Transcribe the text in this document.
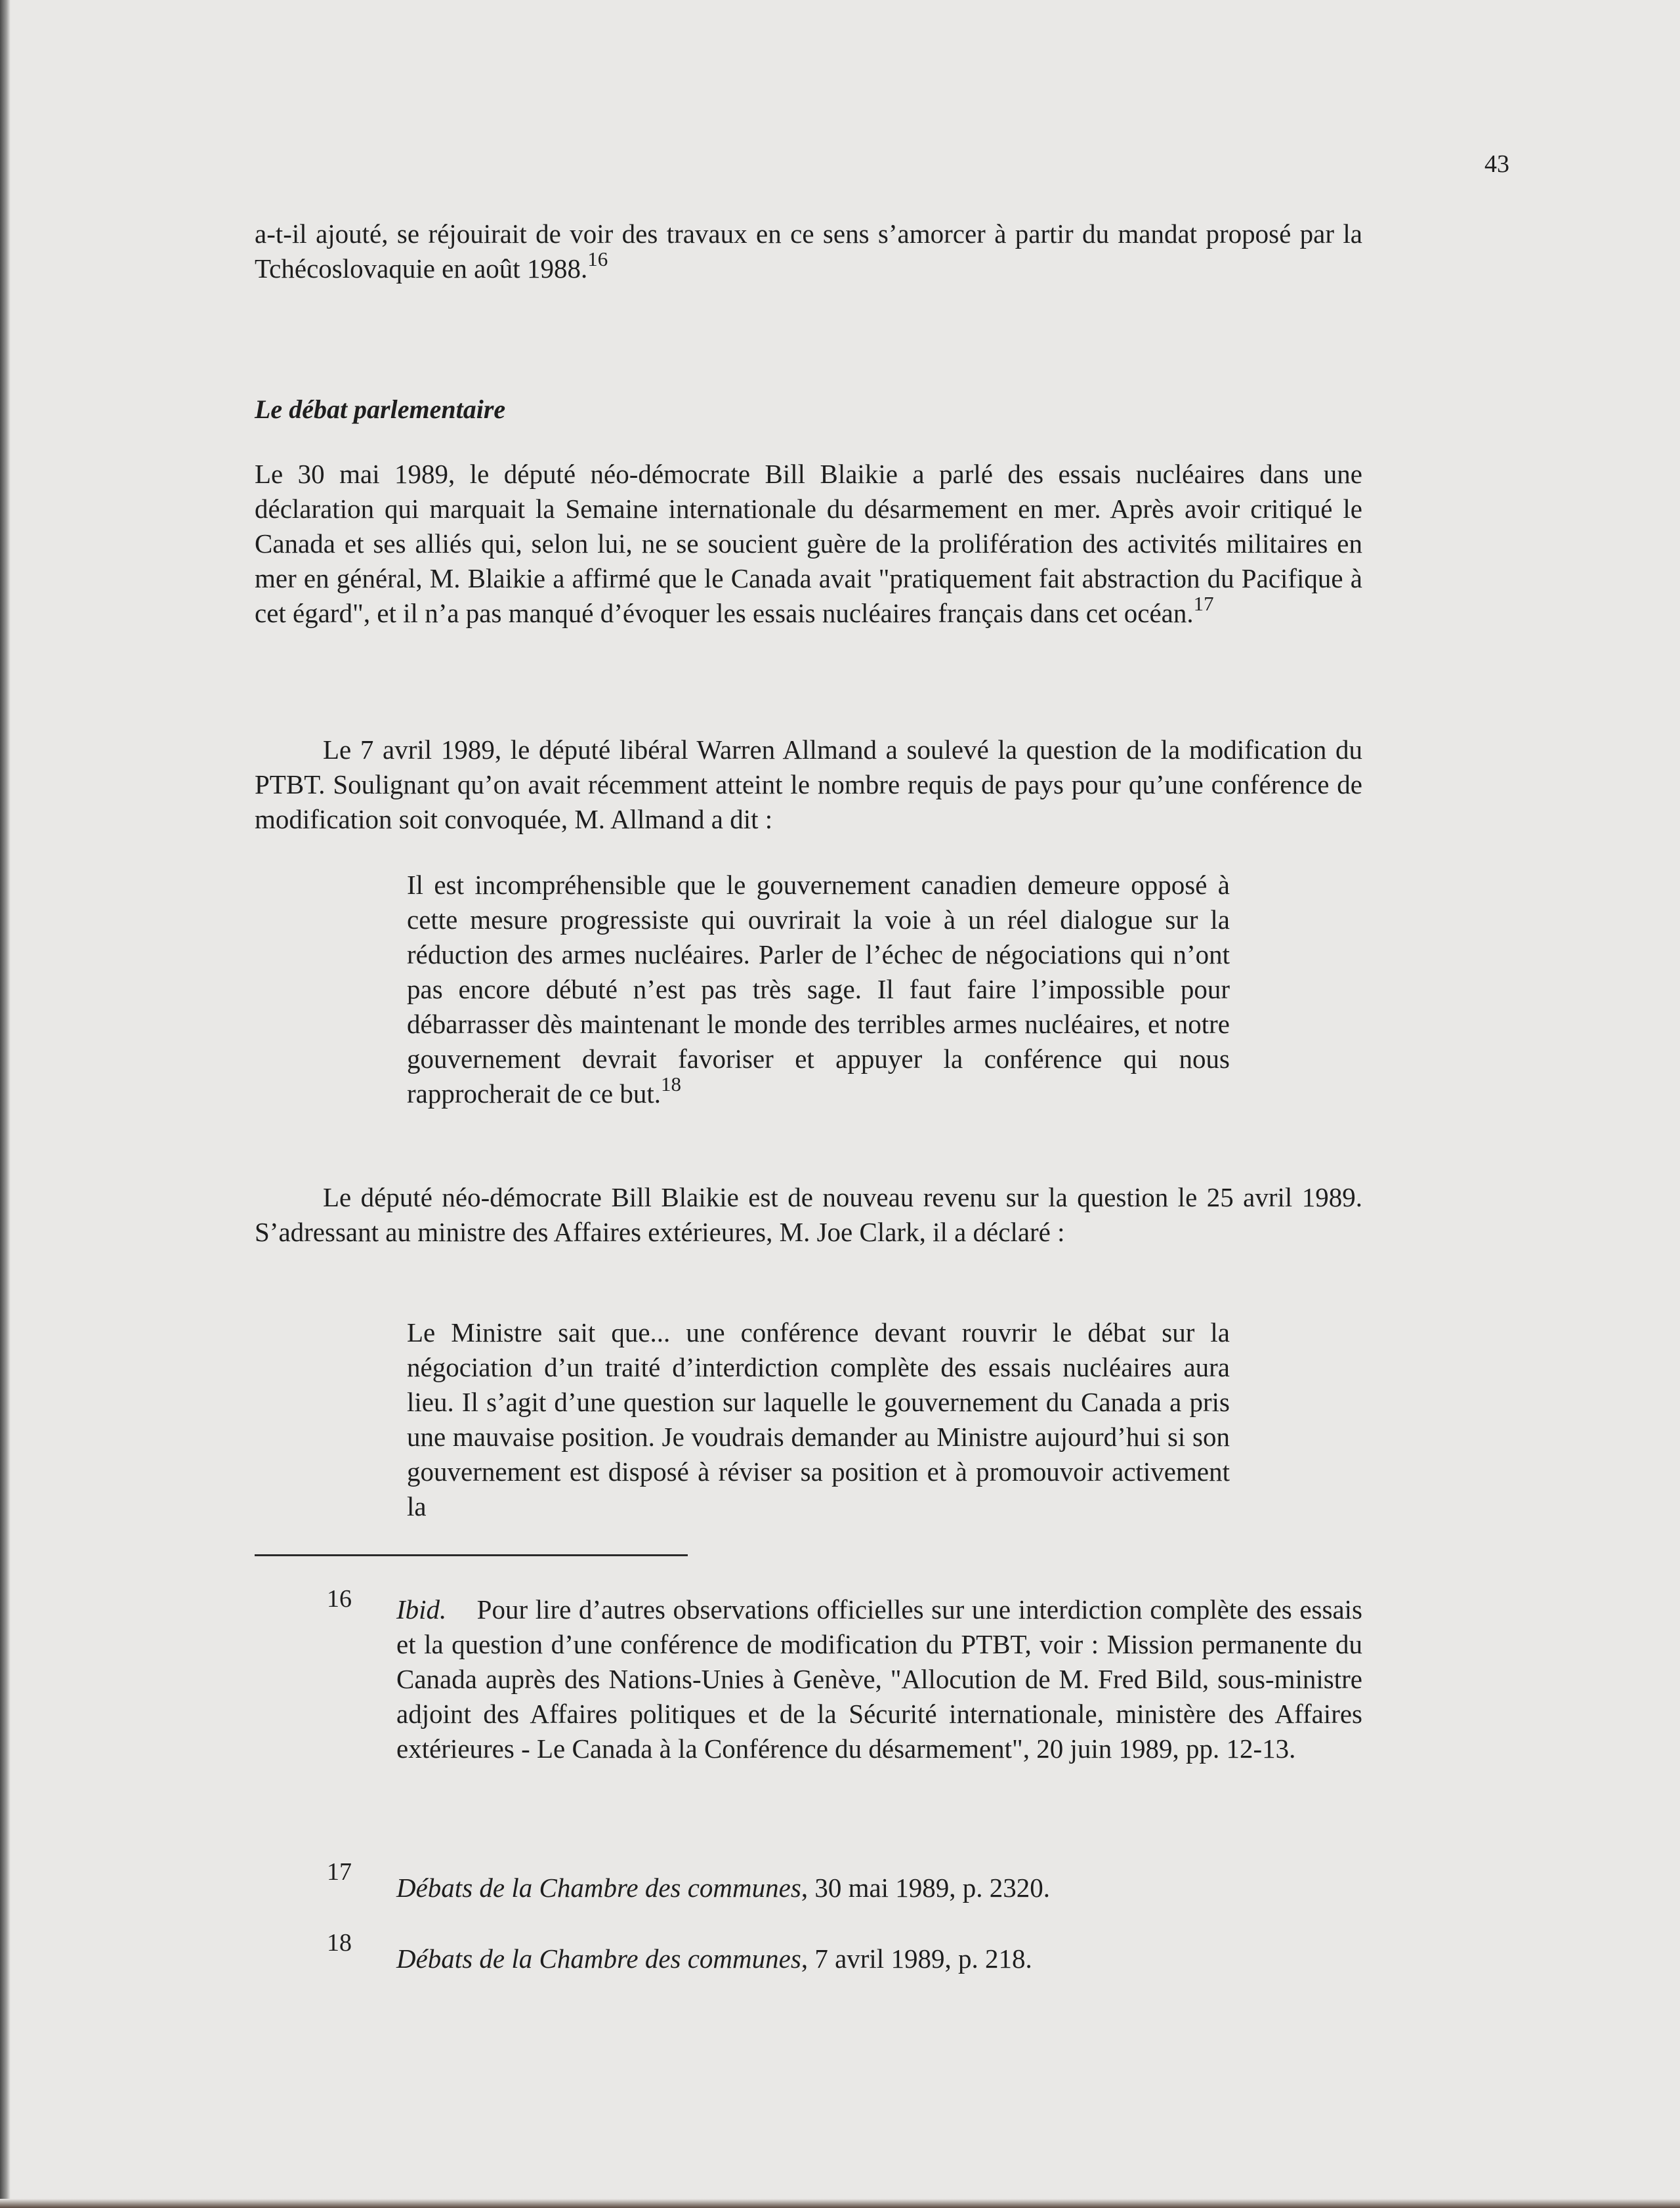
43
a-t-il ajouté, se réjouirait de voir des travaux en ce sens s’amorcer à partir du mandat proposé par la Tchécoslovaquie en août 1988.16
Le débat parlementaire
Le 30 mai 1989, le député néo-démocrate Bill Blaikie a parlé des essais nucléaires dans une déclaration qui marquait la Semaine internationale du désarmement en mer. Après avoir critiqué le Canada et ses alliés qui, selon lui, ne se soucient guère de la prolifération des activités militaires en mer en général, M. Blaikie a affirmé que le Canada avait "pratiquement fait abstraction du Pacifique à cet égard", et il n’a pas manqué d’évoquer les essais nucléaires français dans cet océan.$^{17}$
Le 7 avril 1989, le député libéral Warren Allmand a soulevé la question de la modification du PTBT. Soulignant qu’on avait récemment atteint le nombre requis de pays pour qu’une conférence de modification soit convoquée, M. Allmand a dit :
Il est incompréhensible que le gouvernement canadien demeure opposé à cette mesure progressiste qui ouvrirait la voie à un réel dialogue sur la réduction des armes nucléaires. Parler de l’échec de négociations qui n’ont pas encore débuté n’est pas très sage. Il faut faire l’impossible pour débarrasser dès maintenant le monde des terribles armes nucléaires, et notre gouvernement devrait favoriser et appuyer la conférence qui nous rapprocherait de ce but.$^{18}$
Le député néo-démocrate Bill Blaikie est de nouveau revenu sur la question le 25 avril 1989. S’adressant au ministre des Affaires extérieures, M. Joe Clark, il a déclaré :
Le Ministre sait que... une conférence devant rouvrir le débat sur la négociation d’un traité d’interdiction complète des essais nucléaires aura lieu. Il s’agit d’une question sur laquelle le gouvernement du Canada a pris une mauvaise position. Je voudrais demander au Ministre aujourd’hui si son gouvernement est disposé à réviser sa position et à promouvoir activement la
16 Ibid. Pour lire d’autres observations officielles sur une interdiction complète des essais et la question d’une conférence de modification du PTBT, voir : Mission permanente du Canada auprès des Nations-Unies à Genève, "Allocution de M. Fred Bild, sous-ministre adjoint des Affaires politiques et de la Sécurité internationale, ministère des Affaires extérieures - Le Canada à la Conférence du désarmement", 20 juin 1989, pp. 12-13.
17
Débats de la Chambre des communes, 30 mai 1989, p. 2320.
18
Débats de la Chambre des communes, 7 avril 1989, p. 218.
